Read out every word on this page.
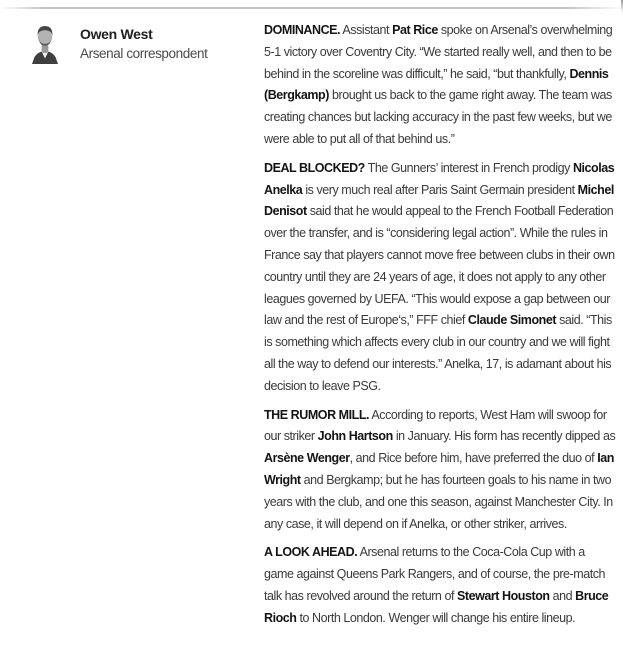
Owen West
Arsenal correspondent

DOMINANCE. Assistant Pat Rice spoke on Arsenal’s overwhelming 5-1 victory over Coventry City. “We started really well, and then to be behind in the scoreline was difficult,” he said, “but thankfully, Dennis (Bergkamp) brought us back to the game right away. The team was creating chances but lacking accuracy in the past few weeks, but we were able to put all of that behind us.”

DEAL BLOCKED? The Gunners’ interest in French prodigy Nicolas Anelka is very much real after Paris Saint Germain president Michel Denisot said that he would appeal to the French Football Federation over the transfer, and is “considering legal action”. While the rules in France say that players cannot move free between clubs in their own country until they are 24 years of age, it does not apply to any other leagues governed by UEFA. “This would expose a gap between our law and the rest of Europe‘s,” FFF chief Claude Simonet said. “This is something which affects every club in our country and we will fight all the way to defend our interests.” Anelka, 17, is adamant about his decision to leave PSG.

THE RUMOR MILL. According to reports, West Ham will swoop for our striker John Hartson in January. His form has recently dipped as Arsène Wenger, and Rice before him, have preferred the duo of Ian Wright and Bergkamp; but he has fourteen goals to his name in two years with the club, and one this season, against Manchester City. In any case, it will depend on if Anelka, or other striker, arrives.

A LOOK AHEAD. Arsenal returns to the Coca-Cola Cup with a game against Queens Park Rangers, and of course, the pre-match talk has revolved around the return of Stewart Houston and Bruce Rioch to North London. Wenger will change his entire lineup.
